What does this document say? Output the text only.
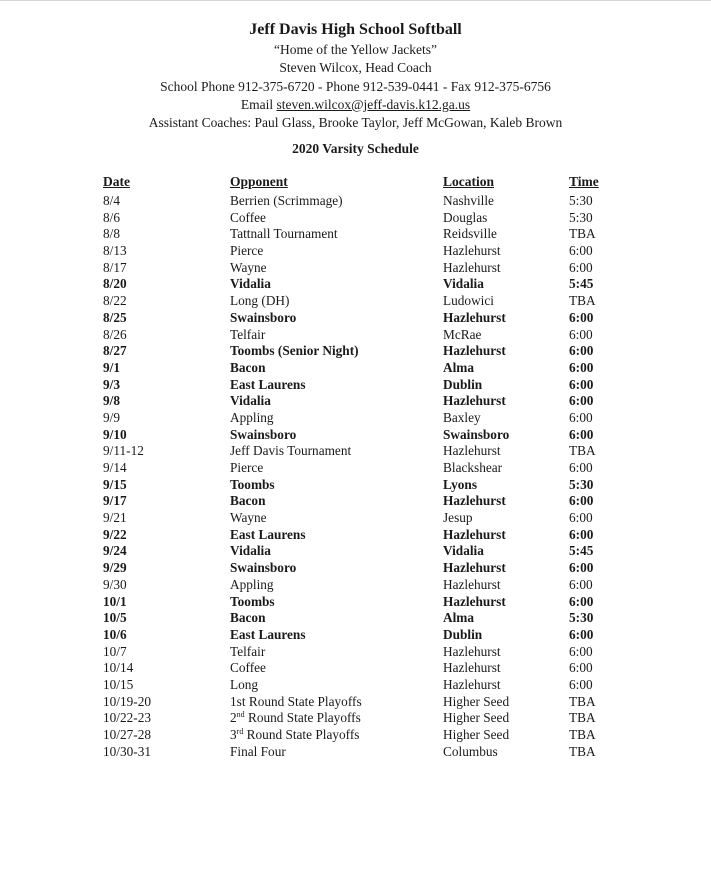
Jeff Davis High School Softball
“Home of the Yellow Jackets”
Steven Wilcox, Head Coach
School Phone 912-375-6720 - Phone 912-539-0441 - Fax 912-375-6756
Email steven.wilcox@jeff-davis.k12.ga.us
Assistant Coaches: Paul Glass, Brooke Taylor, Jeff McGowan, Kaleb Brown
2020 Varsity Schedule
Date	Opponent	Location	Time
8/4	Berrien (Scrimmage)	Nashville	5:30
8/6	Coffee	Douglas	5:30
8/8	Tattnall Tournament	Reidsville	TBA
8/13	Pierce	Hazlehurst	6:00
8/17	Wayne	Hazlehurst	6:00
8/20	Vidalia	Vidalia	5:45
8/22	Long (DH)	Ludowici	TBA
8/25	Swainsboro	Hazlehurst	6:00
8/26	Telfair	McRae	6:00
8/27	Toombs (Senior Night)	Hazlehurst	6:00
9/1	Bacon	Alma	6:00
9/3	East Laurens	Dublin	6:00
9/8	Vidalia	Hazlehurst	6:00
9/9	Appling	Baxley	6:00
9/10	Swainsboro	Swainsboro	6:00
9/11-12	Jeff Davis Tournament	Hazlehurst	TBA
9/14	Pierce	Blackshear	6:00
9/15	Toombs	Lyons	5:30
9/17	Bacon	Hazlehurst	6:00
9/21	Wayne	Jesup	6:00
9/22	East Laurens	Hazlehurst	6:00
9/24	Vidalia	Vidalia	5:45
9/29	Swainsboro	Hazlehurst	6:00
9/30	Appling	Hazlehurst	6:00
10/1	Toombs	Hazlehurst	6:00
10/5	Bacon	Alma	5:30
10/6	East Laurens	Dublin	6:00
10/7	Telfair	Hazlehurst	6:00
10/14	Coffee	Hazlehurst	6:00
10/15	Long	Hazlehurst	6:00
10/19-20	1st Round State Playoffs	Higher Seed	TBA
10/22-23	2nd Round State Playoffs	Higher Seed	TBA
10/27-28	3rd Round State Playoffs	Higher Seed	TBA
10/30-31	Final Four	Columbus	TBA
